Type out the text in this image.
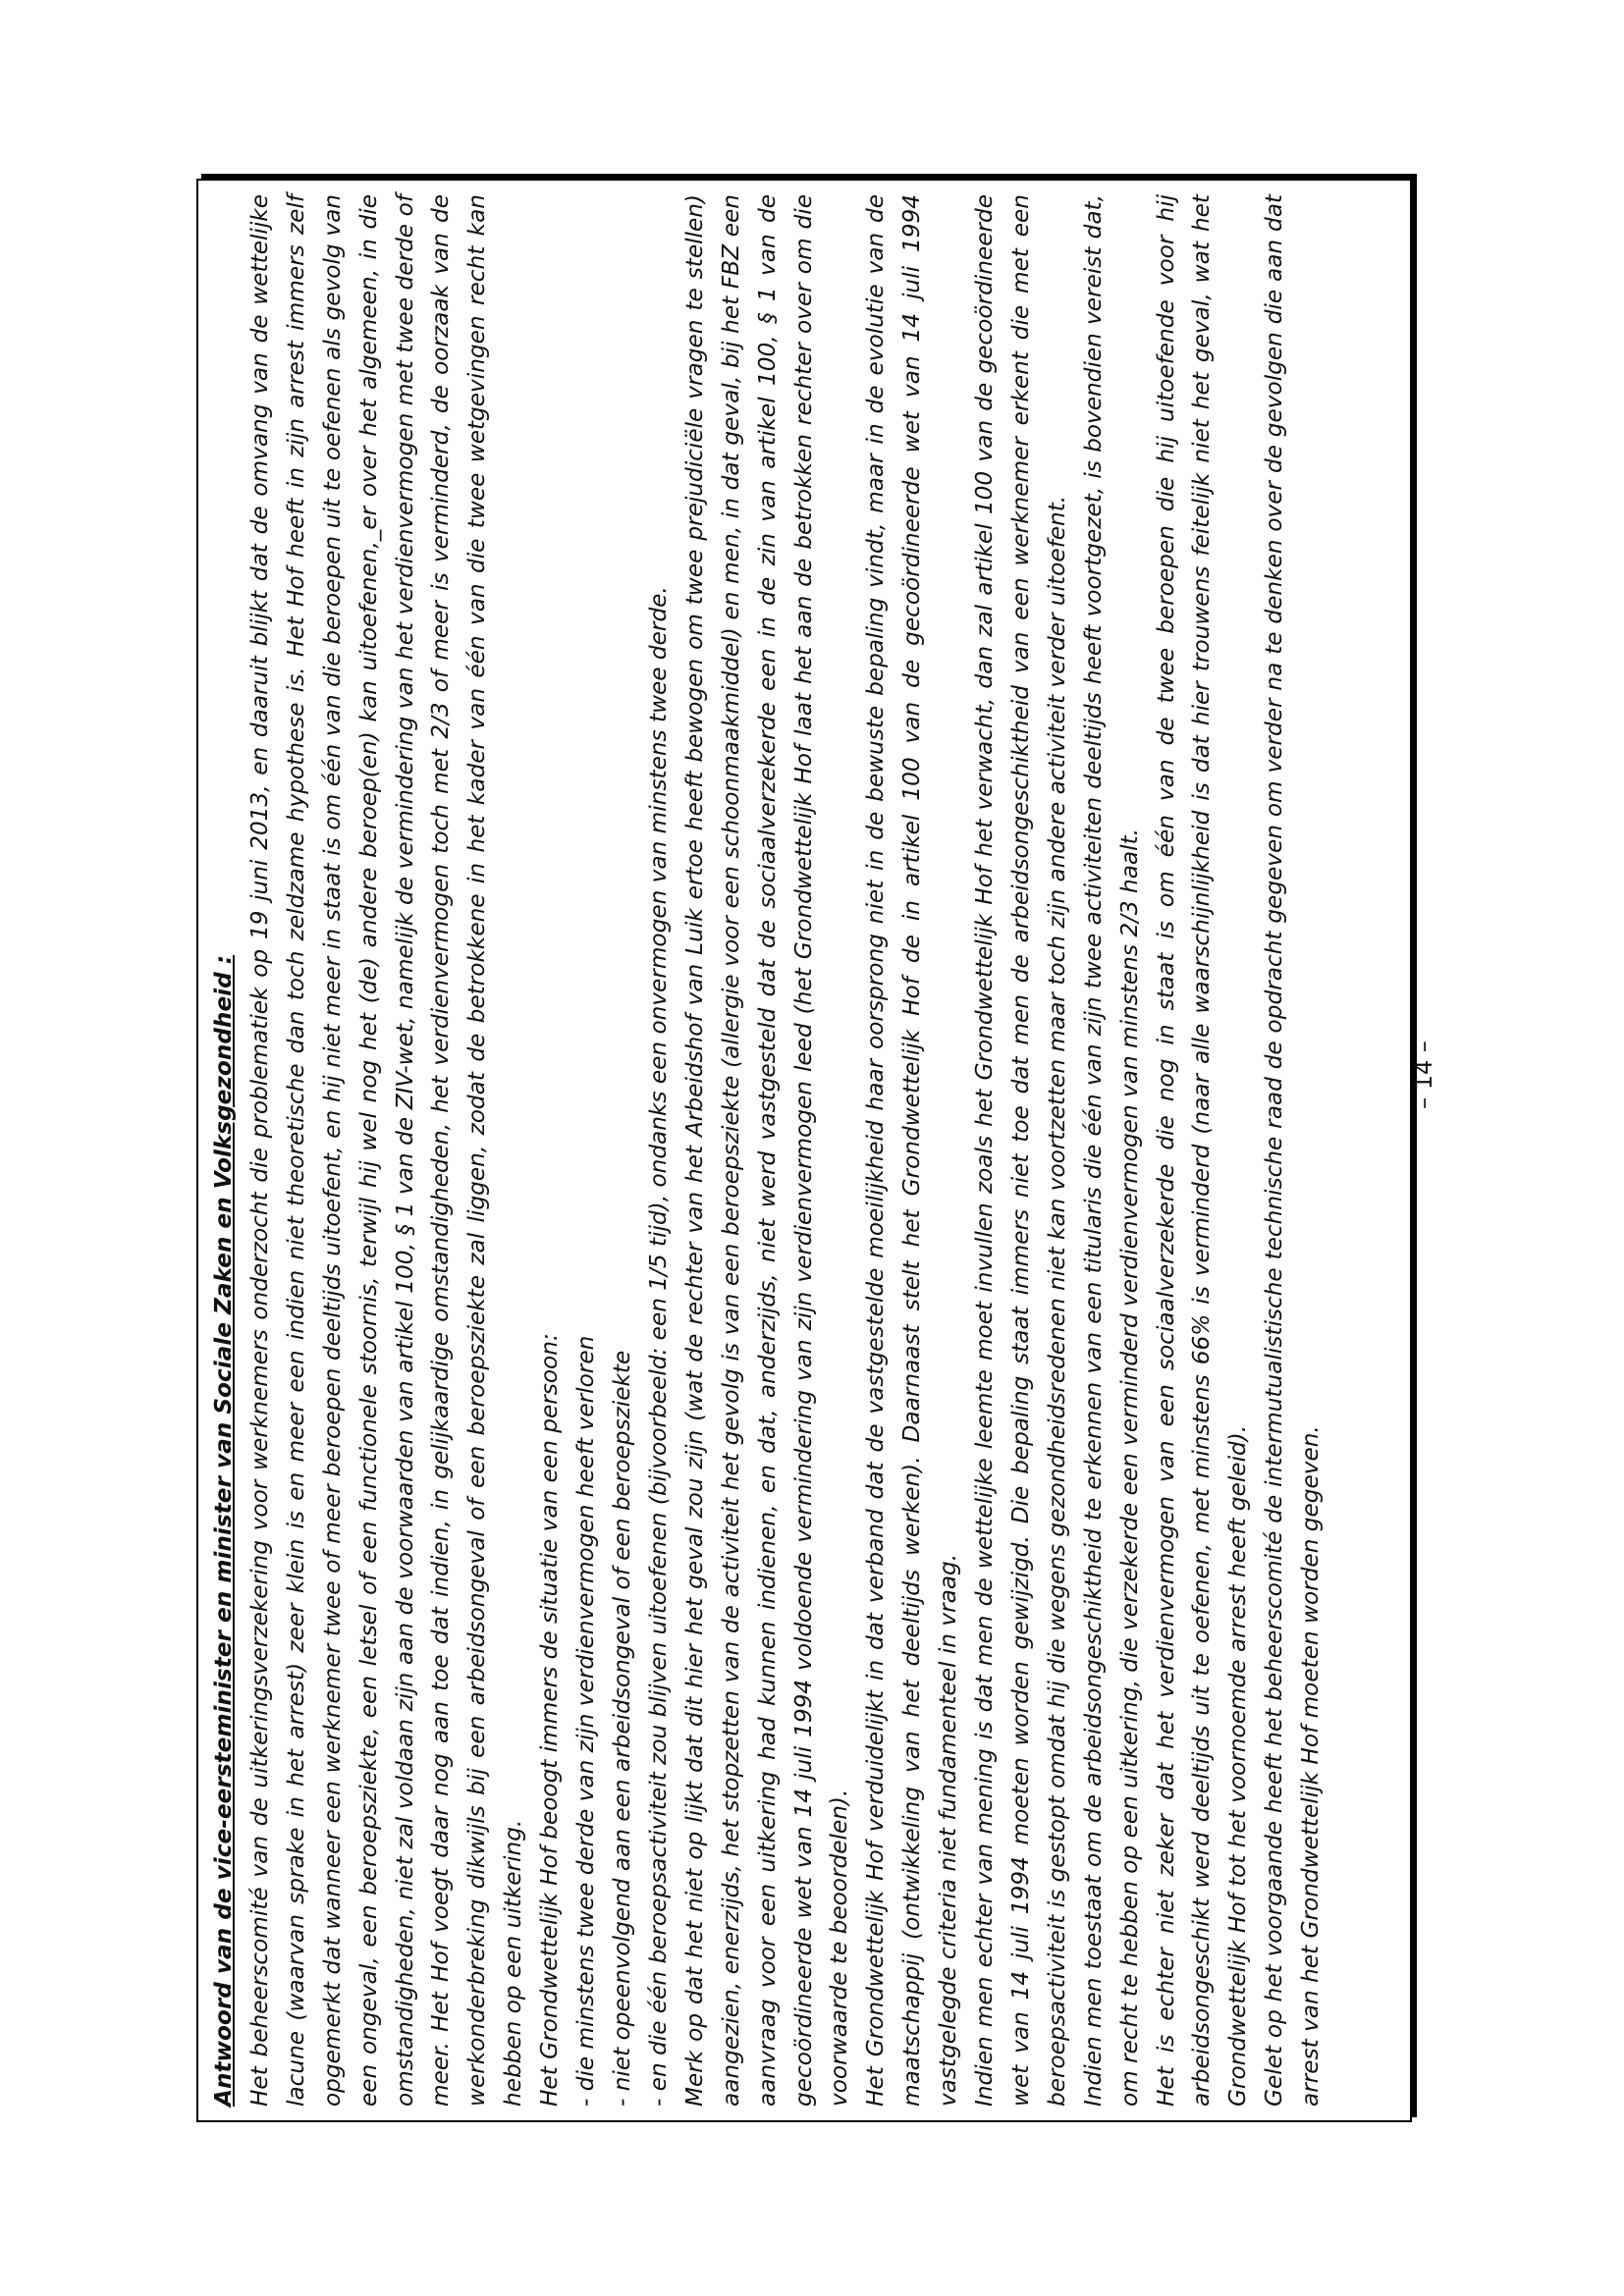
Antwoord van de vice-eersteminister en minister van Sociale Zaken en Volksgezondheid : Het beheerscomité van de uitkeringsverzekering voor werknemers onderzocht die problematiek op 19 juni 2013, en daaruit blijkt dat de omvang van de wettelijke lacune (waarvan sprake in het arrest) zeer klein is en meer een indien niet theoretische dan toch zeldzame hypothese is. Het Hof heeft in zijn arrest immers zelf opgemerkt dat wanneer een werknemer twee of meer beroepen deeltijds uitoefent, en hij niet meer in staat is om één van die beroepen uit te oefenen als gevolg van een ongeval, een beroepsziekte, een letsel of een functionele stoornis, terwijl hij wel nog het (de) andere beroep(en) kan uitoefenen,_er over het algemeen, in die omstandigheden, niet zal voldaan zijn aan de voorwaarden van artikel 100, § 1 van de ZIV-wet, namelijk de vermindering van het verdienvermogen met twee derde of meer. Het Hof voegt daar nog aan toe dat indien, in gelijkaardige omstandigheden, het verdienvermogen toch met 2/3 of meer is verminderd, de oorzaak van de werkonderbreking dikwijls bij een arbeidsongeval of een beroepsziekte zal liggen, zodat de betrokkene in het kader van één van die twee wetgevingen recht kan hebben op een uitkering. Het Grondwettelijk Hof beoogt immers de situatie van een persoon: - die minstens twee derde van zijn verdienvermogen heeft verloren - niet opeenvolgend aan een arbeidsongeval of een beroepsziekte - en die één beroepsactiviteit zou blijven uitoefenen (bijvoorbeeld: een 1/5 tijd), ondanks een onvermogen van minstens twee derde. Merk op dat het niet op lijkt dat dit hier het geval zou zijn (wat de rechter van het Arbeidshof van Luik ertoe heeft bewogen om twee prejudiciële vragen te stellen) aangezien, enerzijds, het stopzetten van de activiteit het gevolg is van een beroepsziekte (allergie voor een schoonmaakmiddel) en men, in dat geval, bij het FBZ een aanvraag voor een uitkering had kunnen indienen, en dat, anderzijds, niet werd vastgesteld dat de sociaalverzekerde een in de zin van artikel 100, § 1 van de gecoördineerde wet van 14 juli 1994 voldoende vermindering van zijn verdienvermogen leed (het Grondwettelijk Hof laat het aan de betrokken rechter over om die voorwaarde te beoordelen). Het Grondwettelijk Hof verduidelijkt in dat verband dat de vastgestelde moeilijkheid haar oorsprong niet in de bewuste bepaling vindt, maar in de evolutie van de maatschappij (ontwikkeling van het deeltijds werken). Daarnaast stelt het Grondwettelijk Hof de in artikel 100 van de gecoördineerde wet van 14 juli 1994 vastgelegde criteria niet fundamenteel in vraag. Indien men echter van mening is dat men de wettelijke leemte moet invullen zoals het Grondwettelijk Hof het verwacht, dan zal artikel 100 van de gecoördineerde wet van 14 juli 1994 moeten worden gewijzigd. Die bepaling staat immers niet toe dat men de arbeidsongeschiktheid van een werknemer erkent die met een beroepsactiviteit is gestopt omdat hij die wegens gezondheidsredenen niet kan voortzetten maar toch zijn andere activiteit verder uitoefent. Indien men toestaat om de arbeidsongeschiktheid te erkennen van een titularis die één van zijn twee activiteiten deeltijds heeft voortgezet, is bovendien vereist dat, om recht te hebben op een uitkering, die verzekerde een verminderd verdienvermogen van minstens 2/3 haalt. Het is echter niet zeker dat het verdienvermogen van een sociaalverzekerde die nog in staat is om één van de twee beroepen die hij uitoefende voor hij arbeidsongeschikt werd deeltijds uit te oefenen, met minstens 66% is verminderd (naar alle waarschijnlijkheid is dat hier trouwens feitelijk niet het geval, wat het Grondwettelijk Hof tot het voornoemde arrest heeft geleid). Gelet op het voorgaande heeft het beheerscomité de intermutualistische technische raad de opdracht gegeven om verder na te denken over de gevolgen die aan dat arrest van het Grondwettelijk Hof moeten worden gegeven.

– 14 –
